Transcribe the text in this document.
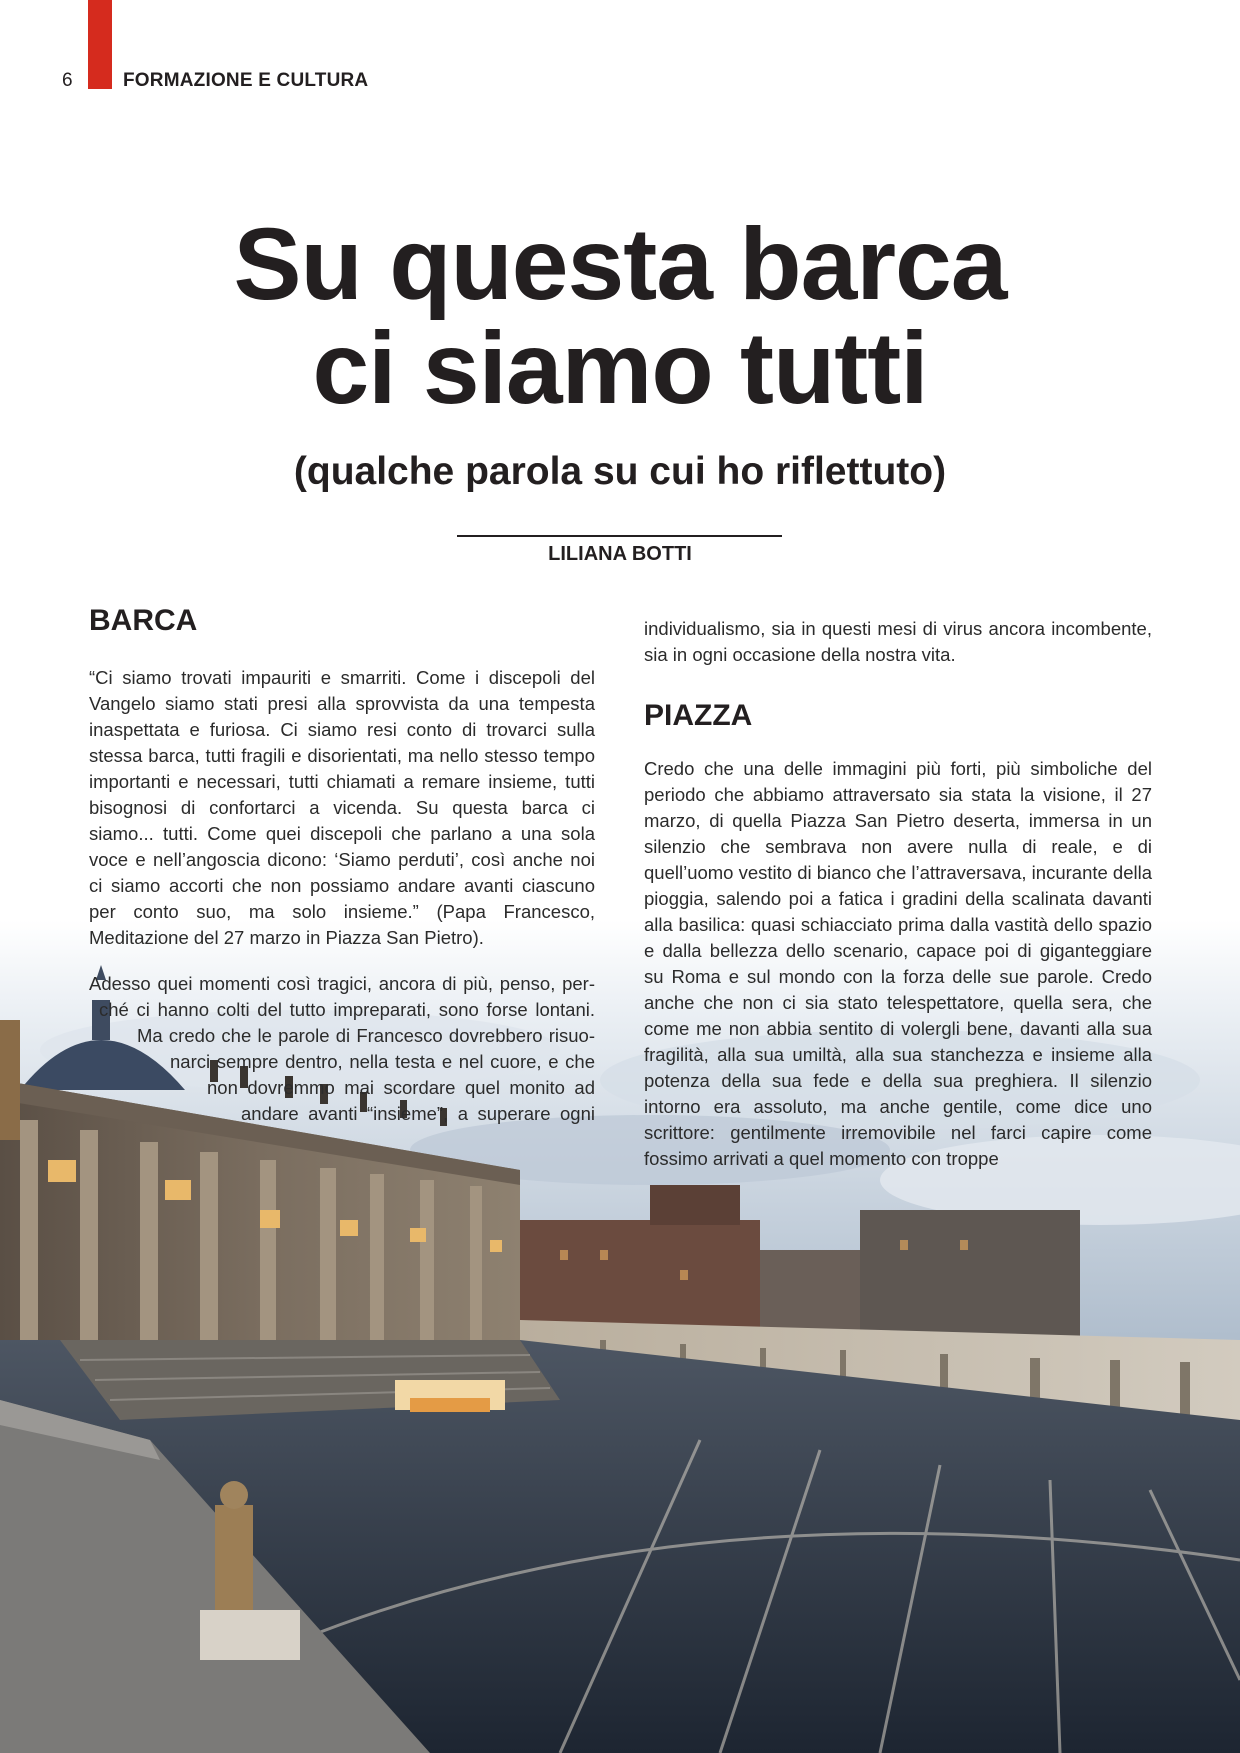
6	FORMAZIONE E CULTURA
Su questa barca
ci siamo tutti
(qualche parola su cui ho riflettuto)
LILIANA BOTTI
BARCA

“Ci siamo trovati impauriti e smarriti. Come i discepoli del Vangelo siamo stati presi alla sprovvista da una tempesta inaspettata e furiosa. Ci siamo resi conto di trovarci sulla stessa barca, tutti fragili e disorientati, ma nello stesso tempo importanti e necessari, tutti chiamati a remare insieme, tutti bisognosi di confortarci a vicenda. Su questa barca ci siamo... tutti. Come quei discepoli che parlano a una sola voce e nell’angoscia dicono: ‘Siamo perduti’, così anche noi ci siamo accorti che non possiamo andare avanti ciascuno per conto suo, ma solo insieme.” (Papa Francesco, Meditazione del 27 marzo in Piazza San Pietro).

Adesso quei momenti così tragici, ancora di più, penso, per-
ché ci hanno colti del tutto impreparati, sono forse lontani.
Ma credo che le parole di Francesco dovrebbero risuo-
narci sempre dentro, nella testa e nel cuore, e che
non dovremmo mai scordare quel monito ad
andare avanti “insieme”, a superare ogni

individualismo, sia in questi mesi di virus ancora incombente, sia in ogni occasione della nostra vita.

PIAZZA

Credo che una delle immagini più forti, più simboliche del periodo che abbiamo attraversato sia stata la visione, il 27 marzo, di quella Piazza San Pietro deserta, immersa in un silenzio che sembrava non avere nulla di reale, e di quell’uomo vestito di bianco che l’attraversava, incurante della pioggia, salendo poi a fatica i gradini della scalinata davanti alla basilica: quasi schiacciato prima dalla vastità dello spazio e dalla bellezza dello scenario, capace poi di giganteggiare su Roma e sul mondo con la forza delle sue parole. Credo anche che non ci sia stato telespettatore, quella sera, che come me non abbia sentito di volergli bene, davanti alla sua fragilità, alla sua umiltà, alla sua stanchezza e insieme alla potenza della sua fede e della sua preghiera. Il silenzio intorno era assoluto, ma anche gentile, come dice uno scrittore: gentilmente irremovibile nel farci capire come fossimo arrivati a quel momento con troppe
